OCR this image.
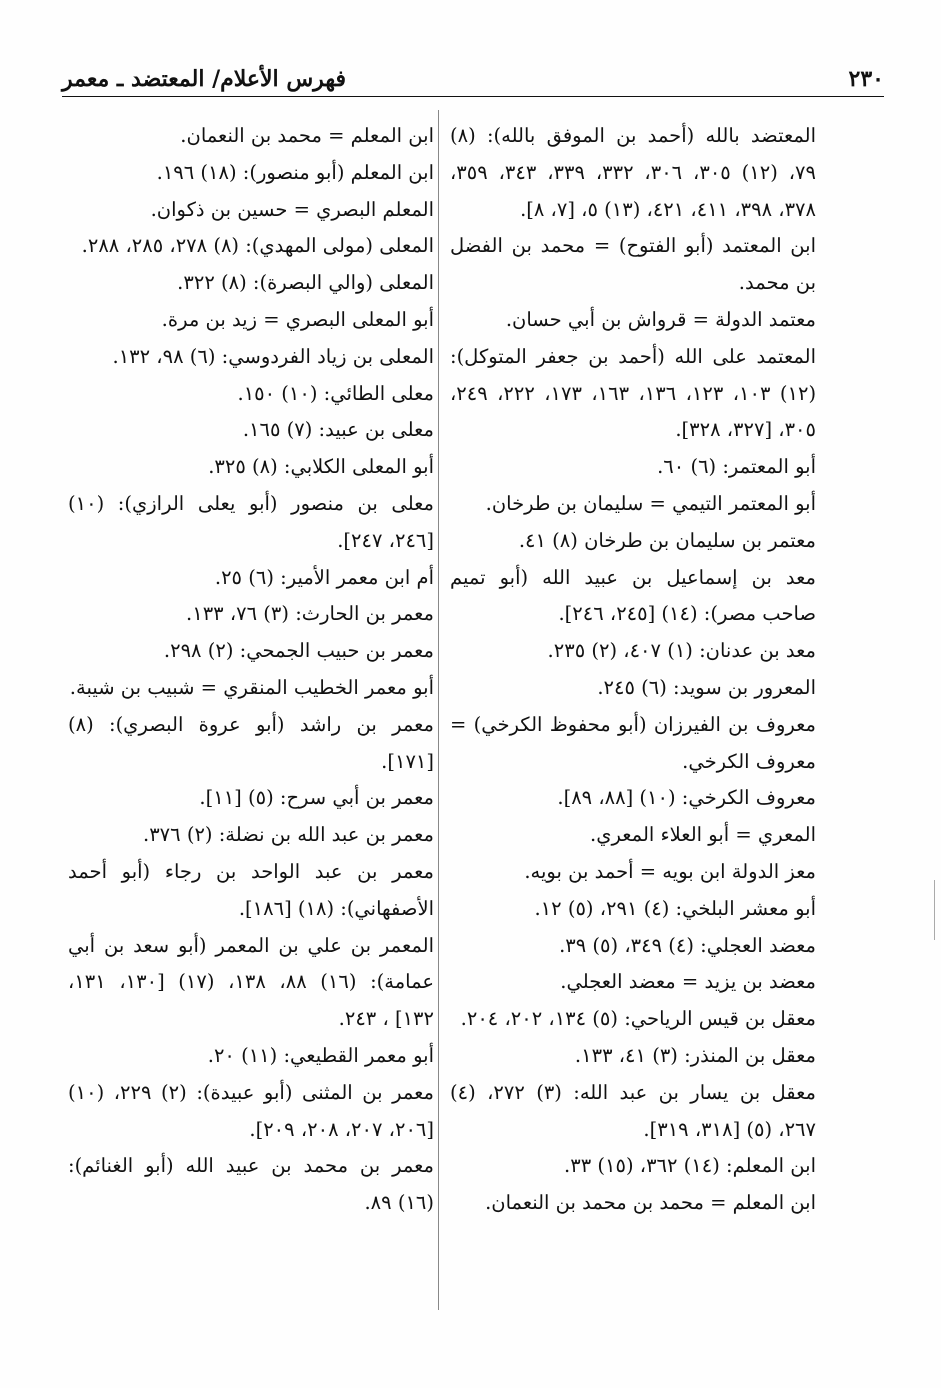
٢٣٠
فهرس الأعلام/ المعتضد ـ معمر
المعتضد بالله (أحمد بن الموفق بالله): (٨) ٧٩، (١٢) ٣٠٥، ٣٠٦، ٣٣٢، ٣٣٩، ٣٤٣، ٣٥٩، ٣٧٨، ٣٩٨، ٤١١، ٤٢١، (١٣) ٥، [٧، ٨].
ابن المعتمد (أبو الفتوح) = محمد بن الفضل بن محمد.
معتمد الدولة = قرواش بن أبي حسان.
المعتمد على الله (أحمد بن جعفر المتوكل): (١٢) ١٠٣، ١٢٣، ١٣٦، ١٦٣، ١٧٣، ٢٢٢، ٢٤٩، ٣٠٥، [٣٢٧، ٣٢٨].
أبو المعتمر: (٦) ٦٠.
أبو المعتمر التيمي = سليمان بن طرخان.
معتمر بن سليمان بن طرخان (٨) ٤١.
معد بن إسماعيل بن عبيد الله (أبو تميم صاحب مصر): (١٤) [٢٤٥، ٢٤٦].
معد بن عدنان: (١) ٤٠٧، (٢) ٢٣٥.
المعرور بن سويد: (٦) ٢٤٥.
معروف بن الفيرزان (أبو محفوظ الكرخي) = معروف الكرخي.
معروف الكرخي: (١٠) [٨٨، ٨٩].
المعري = أبو العلاء المعري.
معز الدولة ابن بويه = أحمد بن بويه.
أبو معشر البلخي: (٤) ٢٩١، (٥) ١٢.
معضد العجلي: (٤) ٣٤٩، (٥) ٣٩.
معضد بن يزيد = معضد العجلي.
معقل بن قيس الرياحي: (٥) ١٣٤، ٢٠٢، ٢٠٤.
معقل بن المنذر: (٣) ٤١، ١٣٣.
معقل بن يسار بن عبد الله: (٣) ٢٧٢، (٤) ٢٦٧، (٥) [٣١٨، ٣١٩].
ابن المعلم: (١٤) ٣٦٢، (١٥) ٣٣.
ابن المعلم = محمد بن محمد بن النعمان.
ابن المعلم = محمد بن النعمان.
ابن المعلم (أبو منصور): (١٨) ١٩٦.
المعلم البصري = حسين بن ذكوان.
المعلى (مولى المهدي): (٨) ٢٧٨، ٢٨٥، ٢٨٨.
المعلى (والي البصرة): (٨) ٣٢٢.
أبو المعلى البصري = زيد بن مرة.
المعلى بن زياد الفردوسي: (٦) ٩٨، ١٣٢.
معلى الطائي: (١٠) ١٥٠.
معلى بن عبيد: (٧) ١٦٥.
أبو المعلى الكلابي: (٨) ٣٢٥.
معلى بن منصور (أبو يعلى الرازي): (١٠) [٢٤٦، ٢٤٧].
أم ابن معمر الأمير: (٦) ٢٥.
معمر بن الحارث: (٣) ٧٦، ١٣٣.
معمر بن حبيب الجمحي: (٢) ٢٩٨.
أبو معمر الخطيب المنقري = شبيب بن شيبة.
معمر بن راشد (أبو عروة البصري): (٨) [١٧١].
معمر بن أبي سرح: (٥) [١١].
معمر بن عبد الله بن نضلة: (٢) ٣٧٦.
معمر بن عبد الواحد بن رجاء (أبو أحمد الأصفهاني): (١٨) [١٨٦].
المعمر بن علي بن المعمر (أبو سعد بن أبي عمامة): (١٦) ٨٨، ١٣٨، (١٧) [١٣٠، ١٣١، ١٣٢] ، ٢٤٣.
أبو معمر القطيعي: (١١) ٢٠.
معمر بن المثنى (أبو عبيدة): (٢) ٢٢٩، (١٠) [٢٠٦، ٢٠٧، ٢٠٨، ٢٠٩].
معمر بن محمد بن عبيد الله (أبو الغنائم): (١٦) ٨٩.
